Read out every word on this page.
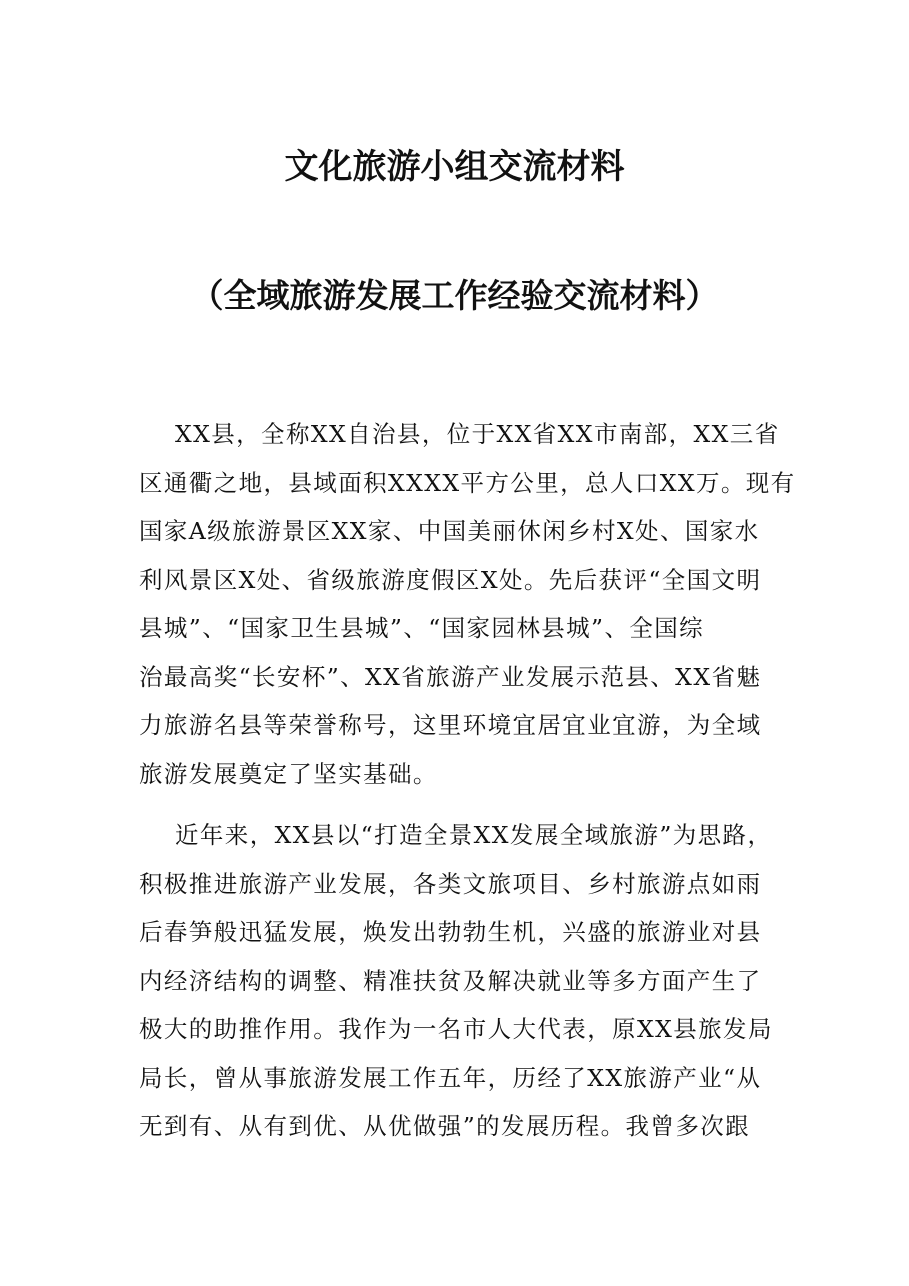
文化旅游小组交流材料
（全域旅游发展工作经验交流材料）

XX县，全称XX自治县，位于XX省XX市南部，XX三省

区通衢之地，县域面积XXXX平方公里，总人口XX万。现有

国家A级旅游景区XX家、中国美丽休闲乡村X处、国家水

利风景区X处、省级旅游度假区X处。先后获评“全国文明

县城”、“国家卫生县城”、“国家园林县城”、全国综

治最高奖“长安杯”、XX省旅游产业发展示范县、XX省魅

力旅游名县等荣誉称号，这里环境宜居宜业宜游，为全域

旅游发展奠定了坚实基础。

近年来，XX县以“打造全景XX发展全域旅游”为思路，

积极推进旅游产业发展，各类文旅项目、乡村旅游点如雨

后春笋般迅猛发展，焕发出勃勃生机，兴盛的旅游业对县

内经济结构的调整、精准扶贫及解决就业等多方面产生了

极大的助推作用。我作为一名市人大代表，原XX县旅发局

局长，曾从事旅游发展工作五年，历经了XX旅游产业“从

无到有、从有到优、从优做强”的发展历程。我曾多次跟
